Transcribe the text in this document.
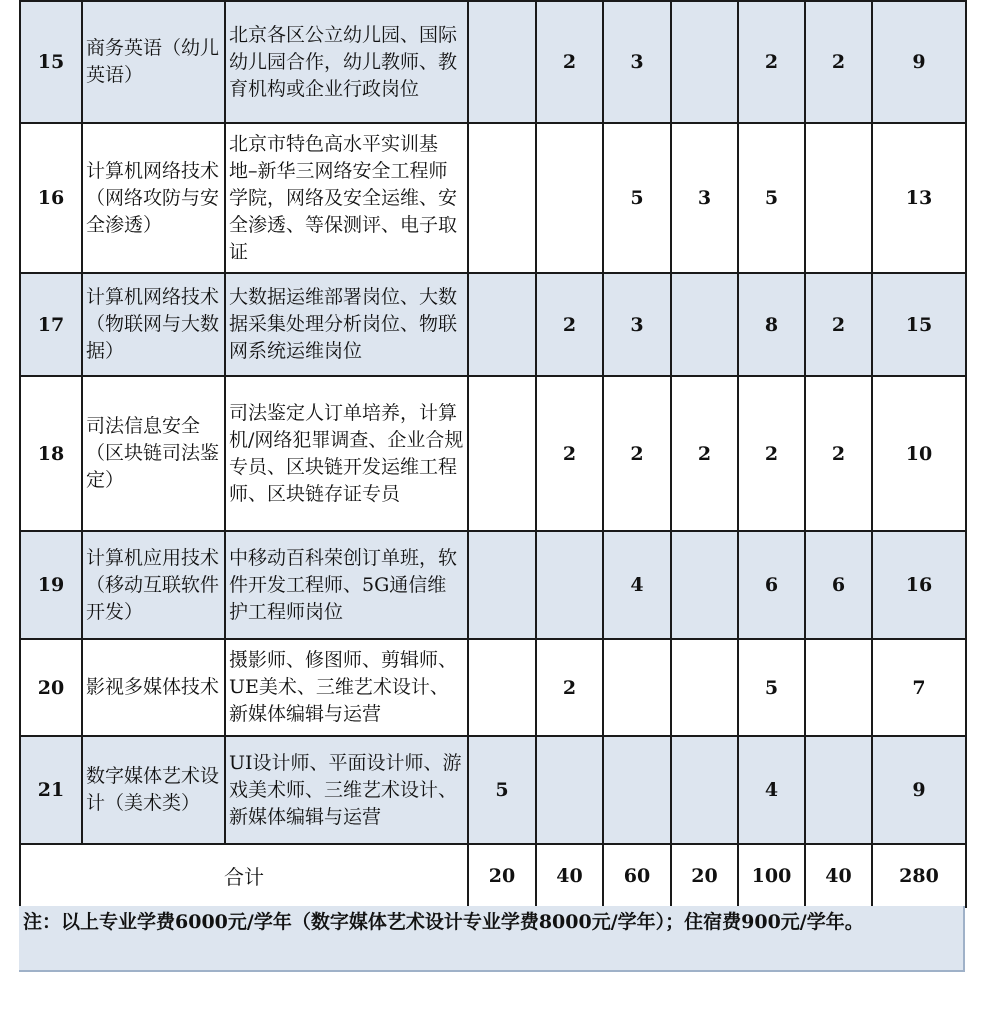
15	商务英语（幼儿英语）	北京各区公立幼儿园、国际幼儿园合作，幼儿教师、教育机构或企业行政岗位		2	3		2	2	9
16	计算机网络技术（网络攻防与安全渗透）	北京市特色高水平实训基地–新华三网络安全工程师学院，网络及安全运维、安全渗透、等保测评、电子取证			5	3	5		13
17	计算机网络技术（物联网与大数据）	大数据运维部署岗位、大数据采集处理分析岗位、物联网系统运维岗位		2	3		8	2	15
18	司法信息安全（区块链司法鉴定）	司法鉴定人订单培养，计算机/网络犯罪调查、企业合规专员、区块链开发运维工程师、区块链存证专员		2	2	2	2	2	10
19	计算机应用技术（移动互联软件开发）	中移动百科荣创订单班，软件开发工程师、5G通信维护工程师岗位			4		6	6	16
20	影视多媒体技术	摄影师、修图师、剪辑师、UE美术、三维艺术设计、新媒体编辑与运营		2			5		7
21	数字媒体艺术设计（美术类）	UI设计师、平面设计师、游戏美术师、三维艺术设计、新媒体编辑与运营	5				4		9
合计			20	40	60	20	100	40	280
注：以上专业学费6000元/学年（数字媒体艺术设计专业学费8000元/学年）；住宿费900元/学年。
